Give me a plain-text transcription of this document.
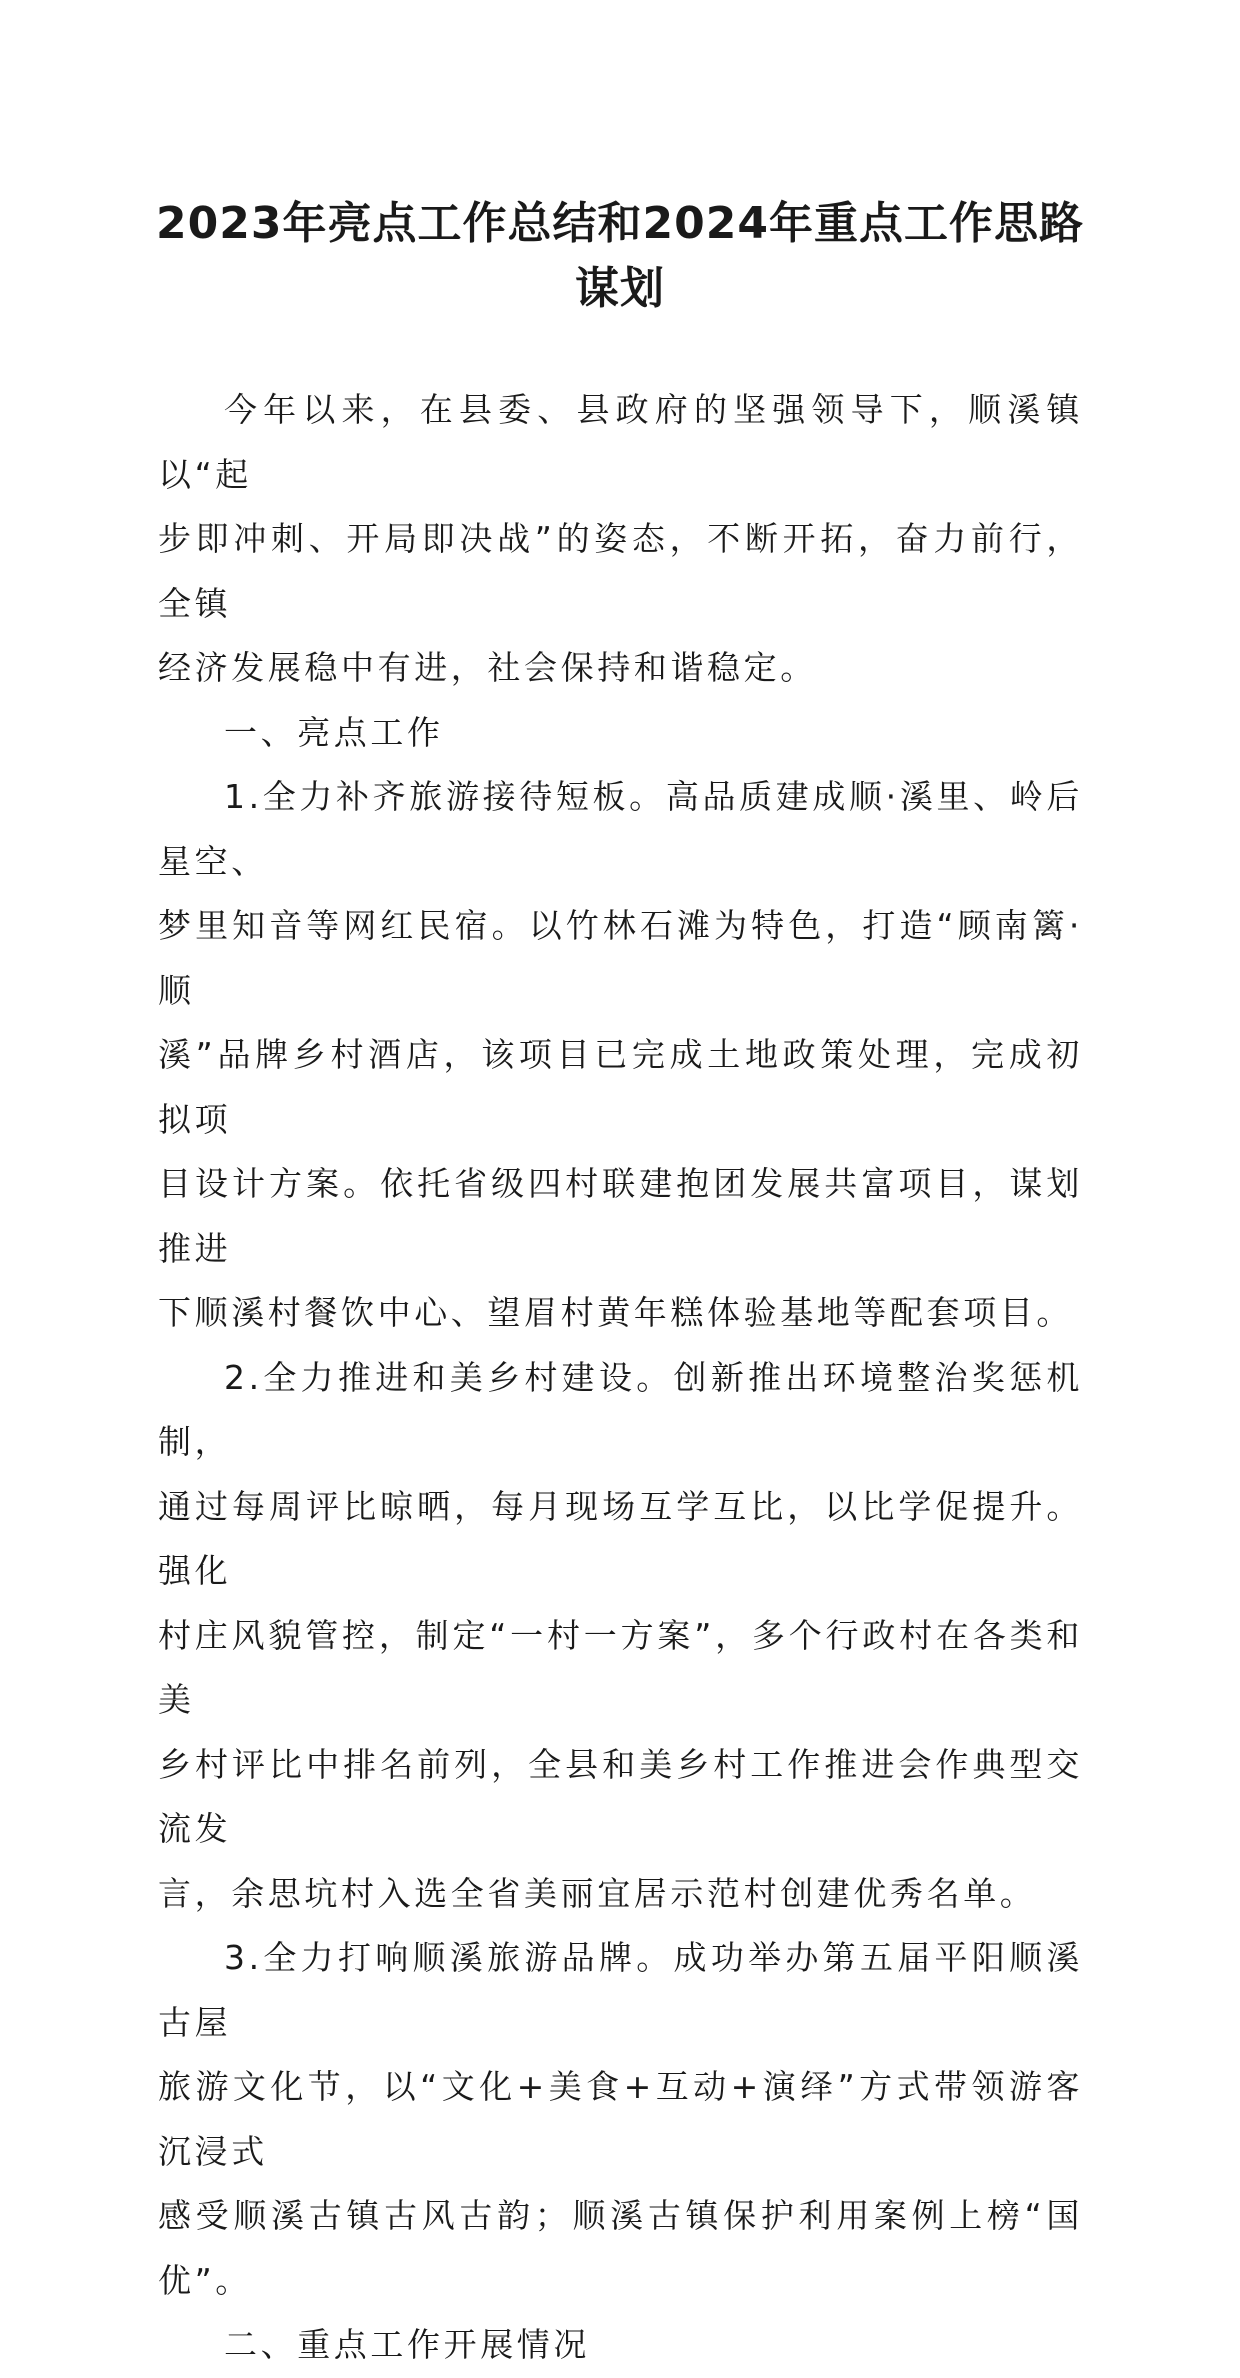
2023年亮点工作总结和2024年重点工作思路
谋划

今年以来，在县委、县政府的坚强领导下，顺溪镇以“起
步即冲刺、开局即决战”的姿态，不断开拓，奋力前行，全镇
经济发展稳中有进，社会保持和谐稳定。

一、亮点工作

1.全力补齐旅游接待短板。高品质建成顺·溪里、岭后星空、
梦里知音等网红民宿。以竹林石滩为特色，打造“顾南篱·顺
溪”品牌乡村酒店，该项目已完成土地政策处理，完成初拟项
目设计方案。依托省级四村联建抱团发展共富项目，谋划推进
下顺溪村餐饮中心、望眉村黄年糕体验基地等配套项目。

2.全力推进和美乡村建设。创新推出环境整治奖惩机制，
通过每周评比晾晒，每月现场互学互比，以比学促提升。强化
村庄风貌管控，制定“一村一方案”，多个行政村在各类和美
乡村评比中排名前列，全县和美乡村工作推进会作典型交流发
言，余思坑村入选全省美丽宜居示范村创建优秀名单。

3.全力打响顺溪旅游品牌。成功举办第五届平阳顺溪古屋
旅游文化节，以“文化+美食+互动+演绎”方式带领游客沉浸式
感受顺溪古镇古风古韵；顺溪古镇保护利用案例上榜“国优”。

二、重点工作开展情况
